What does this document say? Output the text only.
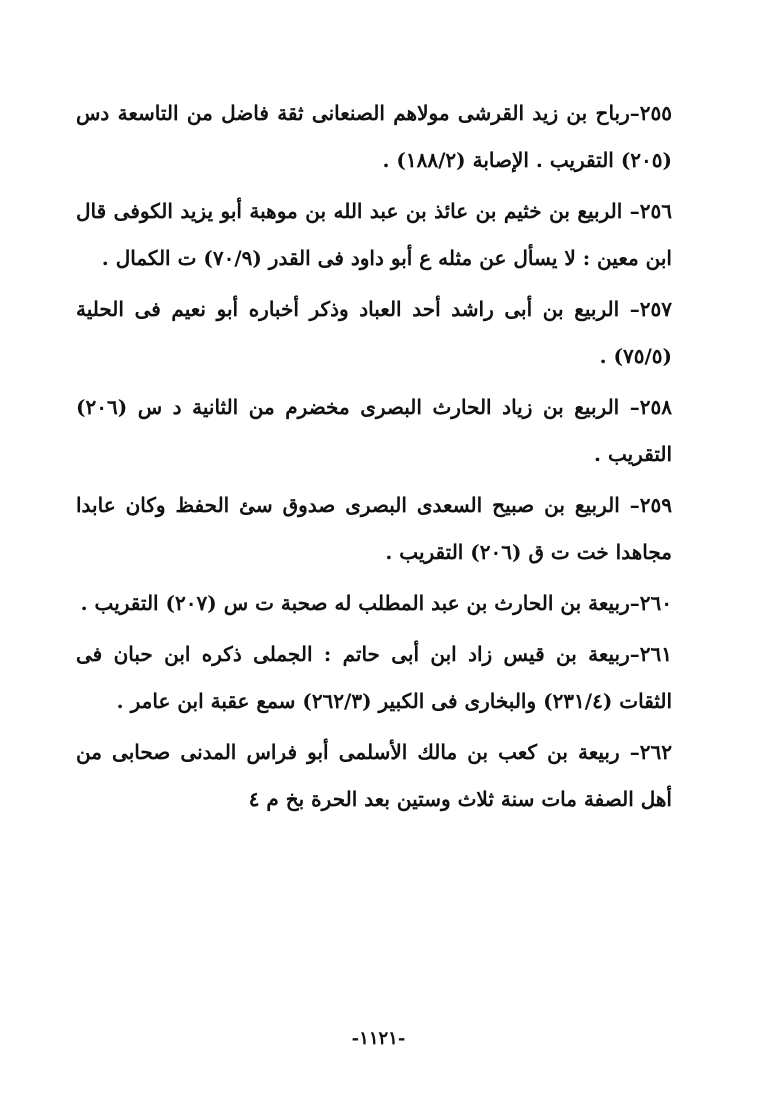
٢٥٥–رباح بن زيد القرشى مولاهم الصنعانى ثقة فاضل من التاسعة دس (٢٠٥) التقريب . الإصابة (١٨٨/٢) .

٢٥٦– الربيع بن خثيم بن عائذ بن عبد الله بن موهبة أبو يزيد الكوفى قال ابن معين : لا يسأل عن مثله ع أبو داود فى القدر (٧٠/٩) ت الكمال .

٢٥٧– الربيع بن أبى راشد أحد العباد وذكر أخباره أبو نعيم فى الحلية (٧٥/٥) .

٢٥٨– الربيع بن زياد الحارث البصرى مخضرم من الثانية د س (٢٠٦) التقريب .

٢٥٩– الربيع بن صبيح السعدى البصرى صدوق سئ الحفظ وكان عابدا مجاهدا خت ت ق (٢٠٦) التقريب .

٢٦٠–ربيعة بن الحارث بن عبد المطلب له صحبة ت س (٢٠٧) التقريب .

٢٦١–ربيعة بن قيس زاد ابن أبى حاتم : الجملى ذكره ابن حبان فى الثقات (٢٣١/٤) والبخارى فى الكبير (٢٦٢/٣) سمع عقبة ابن عامر .

٢٦٢– ربيعة بن كعب بن مالك الأسلمى أبو فراس المدنى صحابى من أهل الصفة مات سنة ثلاث وستين بعد الحرة بخ م ٤

-١١٢١-
